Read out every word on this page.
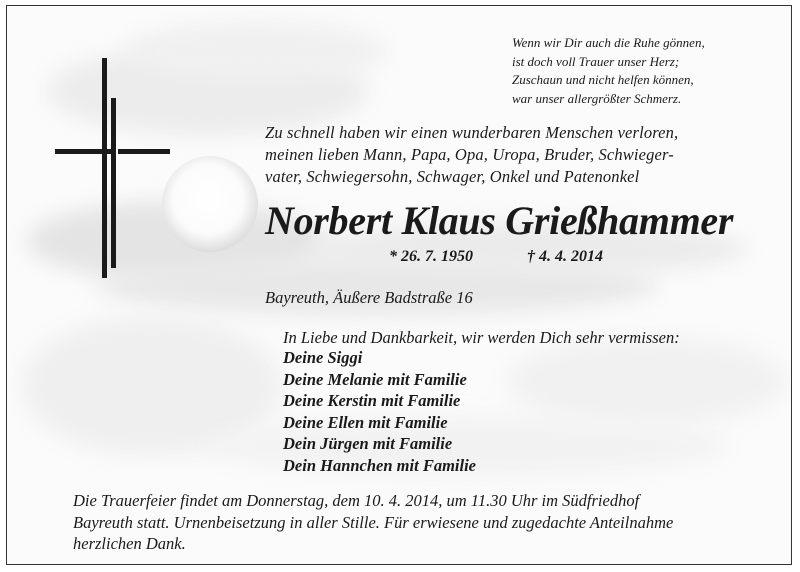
Wenn wir Dir auch die Ruhe gönnen,
ist doch voll Trauer unser Herz;
Zuschaun und nicht helfen können,
war unser allergrößter Schmerz.

Zu schnell haben wir einen wunderbaren Menschen verloren,
meinen lieben Mann, Papa, Opa, Uropa, Bruder, Schwieger-
vater, Schwiegersohn, Schwager, Onkel und Patenonkel

Norbert Klaus Grießhammer
* 26. 7. 1950	† 4. 4. 2014

Bayreuth, Äußere Badstraße 16

In Liebe und Dankbarkeit, wir werden Dich sehr vermissen:

Deine Siggi
Deine Melanie mit Familie
Deine Kerstin mit Familie
Deine Ellen mit Familie
Dein Jürgen mit Familie
Dein Hannchen mit Familie

Die Trauerfeier findet am Donnerstag, dem 10. 4. 2014, um 11.30 Uhr im Südfriedhof
Bayreuth statt. Urnenbeisetzung in aller Stille. Für erwiesene und zugedachte Anteilnahme
herzlichen Dank.
